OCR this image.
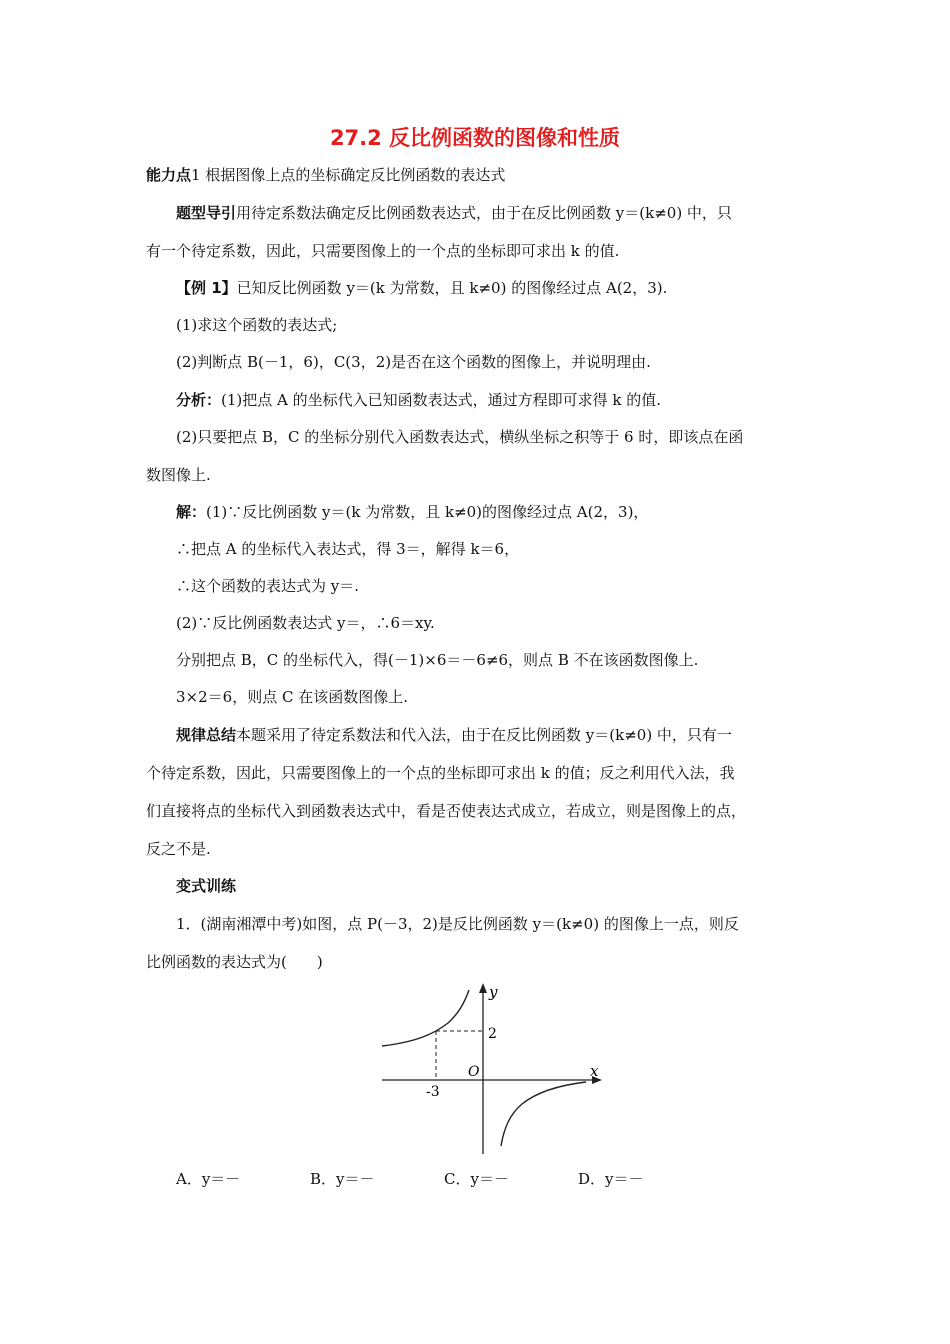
27.2 反比例函数的图像和性质
能力点1 根据图像上点的坐标确定反比例函数的表达式
题型导引用待定系数法确定反比例函数表达式，由于在反比例函数 y＝(k≠0) 中，只
有一个待定系数，因此，只需要图像上的一个点的坐标即可求出 k 的值.
【例 1】已知反比例函数 y＝(k 为常数，且 k≠0) 的图像经过点 A(2，3).
(1)求这个函数的表达式;
(2)判断点 B(－1，6)，C(3，2)是否在这个函数的图像上，并说明理由.
分析：(1)把点 A 的坐标代入已知函数表达式，通过方程即可求得 k 的值.
(2)只要把点 B，C 的坐标分别代入函数表达式，横纵坐标之积等于 6 时，即该点在函
数图像上.
解：(1)∵反比例函数 y＝(k 为常数，且 k≠0)的图像经过点 A(2，3)，
∴把点 A 的坐标代入表达式，得 3＝，解得 k＝6，
∴这个函数的表达式为 y＝.
(2)∵反比例函数表达式 y＝，∴6＝xy.
分别把点 B，C 的坐标代入，得(－1)×6＝－6≠6，则点 B 不在该函数图像上.
3×2＝6，则点 C 在该函数图像上.
规律总结本题采用了待定系数法和代入法，由于在反比例函数 y＝(k≠0) 中，只有一
个待定系数，因此，只需要图像上的一个点的坐标即可求出 k 的值；反之利用代入法，我
们直接将点的坐标代入到函数表达式中，看是否使表达式成立，若成立，则是图像上的点，
反之不是.
变式训练
1．(湖南湘潭中考)如图，点 P(－3，2)是反比例函数 y＝(k≠0) 的图像上一点，则反
比例函数的表达式为(　　)
y
x
O
2
-3
A．y＝－	B．y＝－	C．y＝－	D．y＝－
